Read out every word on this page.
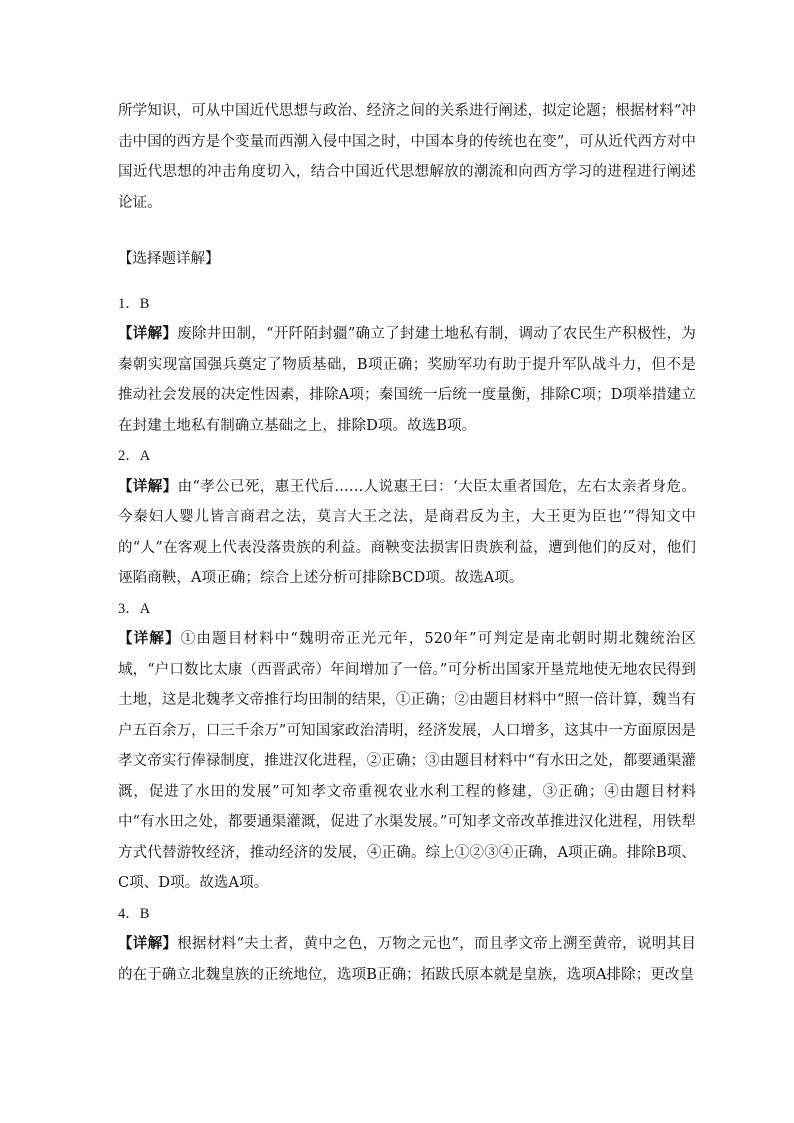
所学知识，可从中国近代思想与政治、经济之间的关系进行阐述，拟定论题；根据材料“冲击中国的西方是个变量而西潮入侵中国之时，中国本身的传统也在变”，可从近代西方对中国近代思想的冲击角度切入，结合中国近代思想解放的潮流和向西方学习的进程进行阐述论证。

【选择题详解】

1．B

【详解】废除井田制，“开阡陌封疆”确立了封建土地私有制，调动了农民生产积极性，为秦朝实现富国强兵奠定了物质基础，B项正确；奖励军功有助于提升军队战斗力，但不是推动社会发展的决定性因素，排除A项；秦国统一后统一度量衡，排除C项；D项举措建立在封建土地私有制确立基础之上，排除D项。故选B项。

2．A

【详解】由“孝公已死，惠王代后……人说惠王曰：‘大臣太重者国危，左右太亲者身危。今秦妇人婴儿皆言商君之法，莫言大王之法，是商君反为主，大王更为臣也’”得知文中的“人”在客观上代表没落贵族的利益。商鞅变法损害旧贵族利益，遭到他们的反对，他们诬陷商鞅，A项正确；综合上述分析可排除BCD项。故选A项。

3．A

【详解】①由题目材料中“魏明帝正光元年，520年”可判定是南北朝时期北魏统治区域，“户口数比太康（西晋武帝）年间增加了一倍。”可分析出国家开垦荒地使无地农民得到土地，这是北魏孝文帝推行均田制的结果，①正确；②由题目材料中“照一倍计算，魏当有户五百余万，口三千余万”可知国家政治清明，经济发展，人口增多，这其中一方面原因是孝文帝实行俸禄制度，推进汉化进程，②正确；③由题目材料中“有水田之处，都要通渠灌溉，促进了水田的发展”可知孝文帝重视农业水利工程的修建，③正确；④由题目材料中“有水田之处，都要通渠灌溉，促进了水渠发展。”可知孝文帝改革推进汉化进程，用铁犁方式代替游牧经济，推动经济的发展，④正确。综上①②③④正确，A项正确。排除B项、C项、D项。故选A项。

4．B

【详解】根据材料“夫土者，黄中之色，万物之元也”，而且孝文帝上溯至黄帝，说明其目的在于确立北魏皇族的正统地位，选项B正确；拓跋氏原本就是皇族，选项A排除；更改皇
